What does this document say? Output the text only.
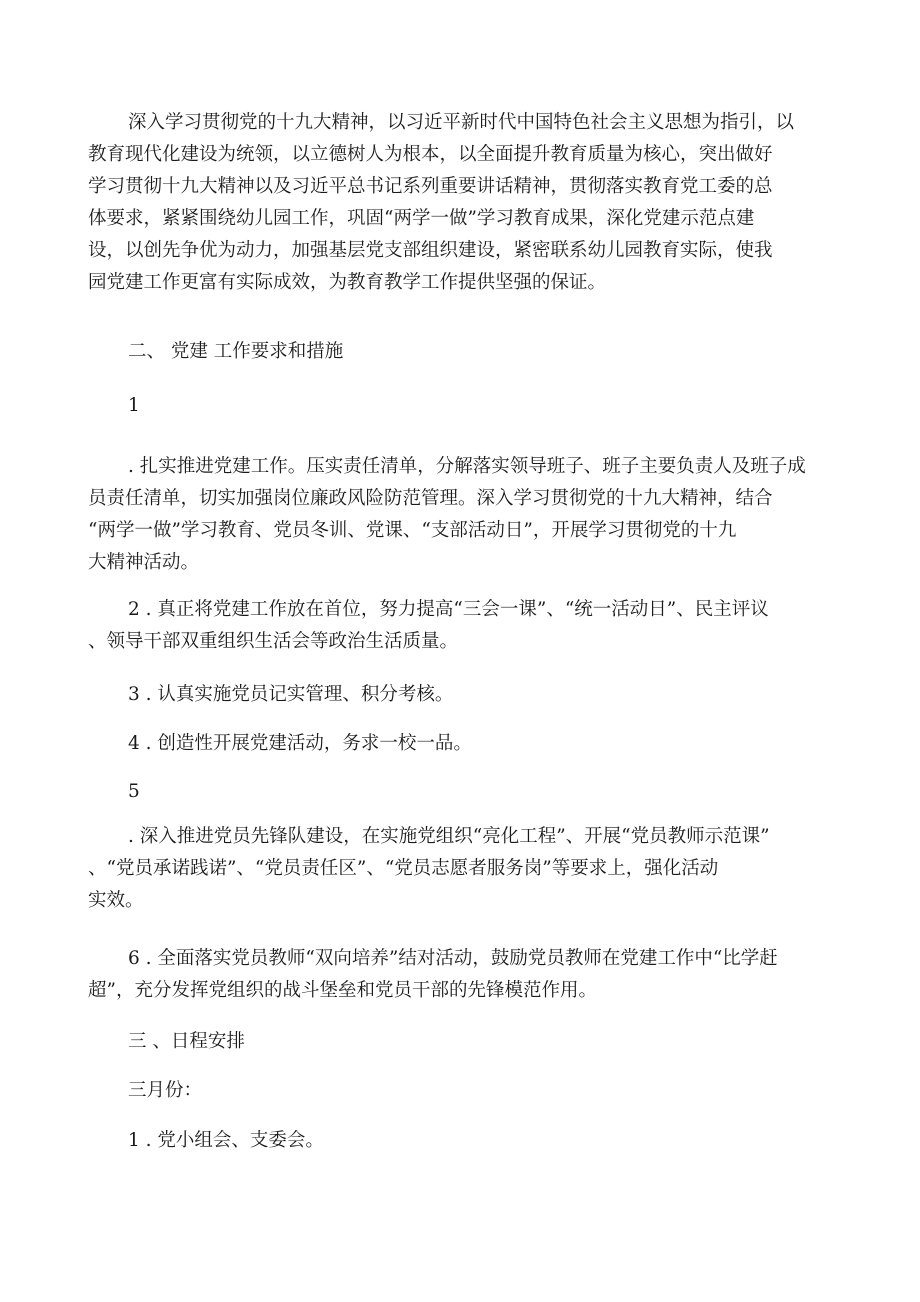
深入学习贯彻党的十九大精神，以习近平新时代中国特色社会主义思想为指引，以
教育现代化建设为统领，以立德树人为根本，以全面提升教育质量为核心，突出做好
学习贯彻十九大精神以及习近平总书记系列重要讲话精神，贯彻落实教育党工委的总
体要求，紧紧围绕幼儿园工作，巩固“两学一做”学习教育成果，深化党建示范点建
设，以创先争优为动力，加强基层党支部组织建设，紧密联系幼儿园教育实际，使我
园党建工作更富有实际成效，为教育教学工作提供坚强的保证。
二、 党建 工作要求和措施
1
. 扎实推进党建工作。压实责任清单，分解落实领导班子、班子主要负责人及班子成
员责任清单，切实加强岗位廉政风险防范管理。深入学习贯彻党的十九大精神，结合
“两学一做”学习教育、党员冬训、党课、“支部活动日”，开展学习贯彻党的十九
大精神活动。
2 . 真正将党建工作放在首位，努力提高“三会一课”、“统一活动日”、民主评议
、领导干部双重组织生活会等政治生活质量。
3 . 认真实施党员记实管理、积分考核。
4 . 创造性开展党建活动，务求一校一品。
5
. 深入推进党员先锋队建设，在实施党组织“亮化工程”、开展“党员教师示范课”
、“党员承诺践诺”、“党员责任区”、“党员志愿者服务岗”等要求上，强化活动
实效。
6 . 全面落实党员教师“双向培养”结对活动，鼓励党员教师在党建工作中“比学赶
超”，充分发挥党组织的战斗堡垒和党员干部的先锋模范作用。
三 、日程安排
三月份：
1 . 党小组会、支委会。
